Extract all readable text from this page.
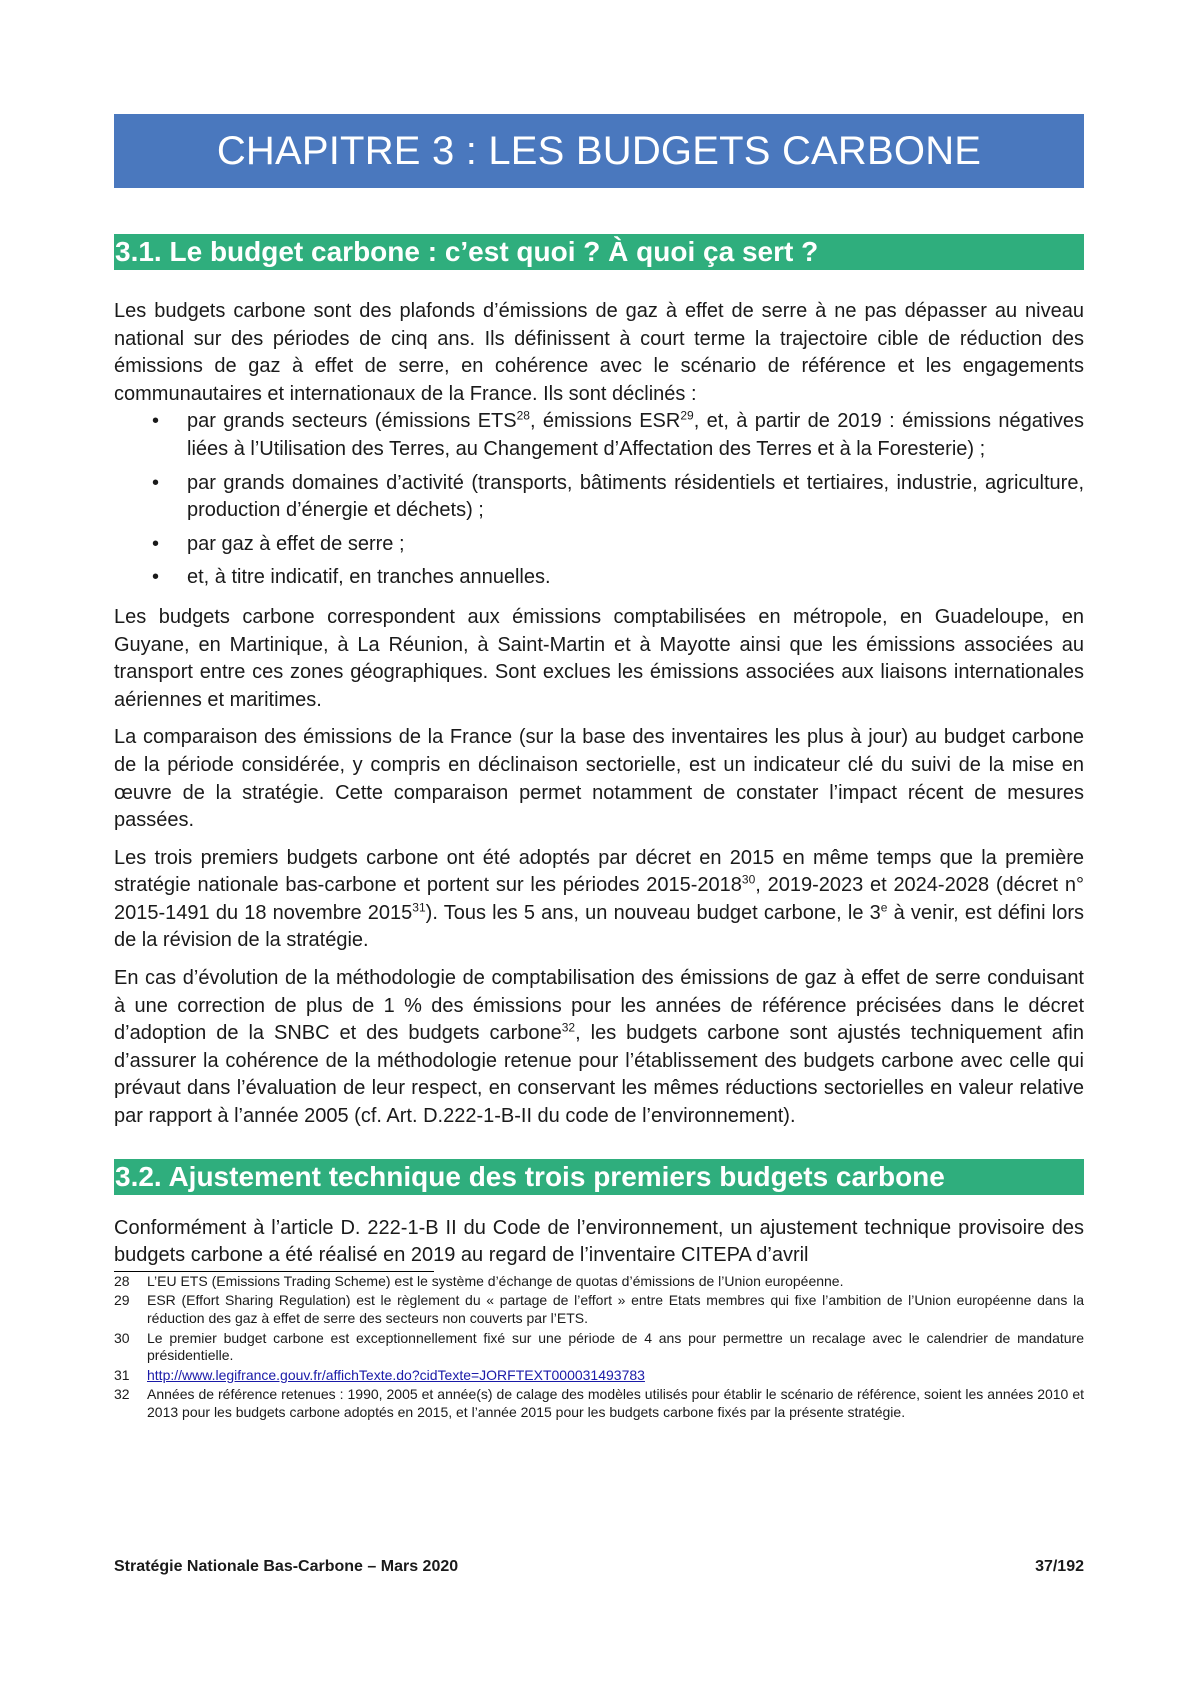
CHAPITRE 3 : LES BUDGETS CARBONE
3.1. Le budget carbone : c’est quoi ? À quoi ça sert ?

Les budgets carbone sont des plafonds d’émissions de gaz à effet de serre à ne pas dépasser au niveau national sur des périodes de cinq ans. Ils définissent à court terme la trajectoire cible de réduction des émissions de gaz à effet de serre, en cohérence avec le scénario de référence et les engagements communautaires et internationaux de la France. Ils sont déclinés :

• par grands secteurs (émissions ETS$^{28}$, émissions ESR$^{29}$, et, à partir de 2019 : émissions négatives liées à l’Utilisation des Terres, au Changement d’Affectation des Terres et à la Foresterie) ;
• par grands domaines d’activité (transports, bâtiments résidentiels et tertiaires, industrie, agriculture, production d’énergie et déchets) ;
• par gaz à effet de serre ;
• et, à titre indicatif, en tranches annuelles.

Les budgets carbone correspondent aux émissions comptabilisées en métropole, en Guadeloupe, en Guyane, en Martinique, à La Réunion, à Saint-Martin et à Mayotte ainsi que les émissions associées au transport entre ces zones géographiques. Sont exclues les émissions associées aux liaisons internationales aériennes et maritimes.

La comparaison des émissions de la France (sur la base des inventaires les plus à jour) au budget carbone de la période considérée, y compris en déclinaison sectorielle, est un indicateur clé du suivi de la mise en œuvre de la stratégie. Cette comparaison permet notamment de constater l’impact récent de mesures passées.

Les trois premiers budgets carbone ont été adoptés par décret en 2015 en même temps que la première stratégie nationale bas-carbone et portent sur les périodes 2015-2018$^{30}$, 2019-2023 et 2024-2028 (décret n° 2015-1491 du 18 novembre 2015$^{31}$). Tous les 5 ans, un nouveau budget carbone, le 3e à venir, est défini lors de la révision de la stratégie.

En cas d’évolution de la méthodologie de comptabilisation des émissions de gaz à effet de serre conduisant à une correction de plus de 1 % des émissions pour les années de référence précisées dans le décret d’adoption de la SNBC et des budgets carbone$^{32}$, les budgets carbone sont ajustés techniquement afin d’assurer la cohérence de la méthodologie retenue pour l’établissement des budgets carbone avec celle qui prévaut dans l’évaluation de leur respect, en conservant les mêmes réductions sectorielles en valeur relative par rapport à l’année 2005 (cf. Art. D.222-1-B-II du code de l’environnement).

3.2. Ajustement technique des trois premiers budgets carbone

Conformément à l’article D. 222-1-B II du Code de l’environnement, un ajustement technique provisoire des budgets carbone a été réalisé en 2019 au regard de l’inventaire CITEPA d’avril

28 L’EU ETS (Emissions Trading Scheme) est le système d’échange de quotas d’émissions de l’Union européenne.
29 ESR (Effort Sharing Regulation) est le règlement du « partage de l’effort » entre Etats membres qui fixe l’ambition de l’Union européenne dans la réduction des gaz à effet de serre des secteurs non couverts par l’ETS.
30 Le premier budget carbone est exceptionnellement fixé sur une période de 4 ans pour permettre un recalage avec le calendrier de mandature présidentielle.
31 http://www.legifrance.gouv.fr/affichTexte.do?cidTexte=JORFTEXT000031493783
32 Années de référence retenues : 1990, 2005 et année(s) de calage des modèles utilisés pour établir le scénario de référence, soient les années 2010 et 2013 pour les budgets carbone adoptés en 2015, et l’année 2015 pour les budgets carbone fixés par la présente stratégie.
Stratégie Nationale Bas-Carbone – Mars 2020	37/192
